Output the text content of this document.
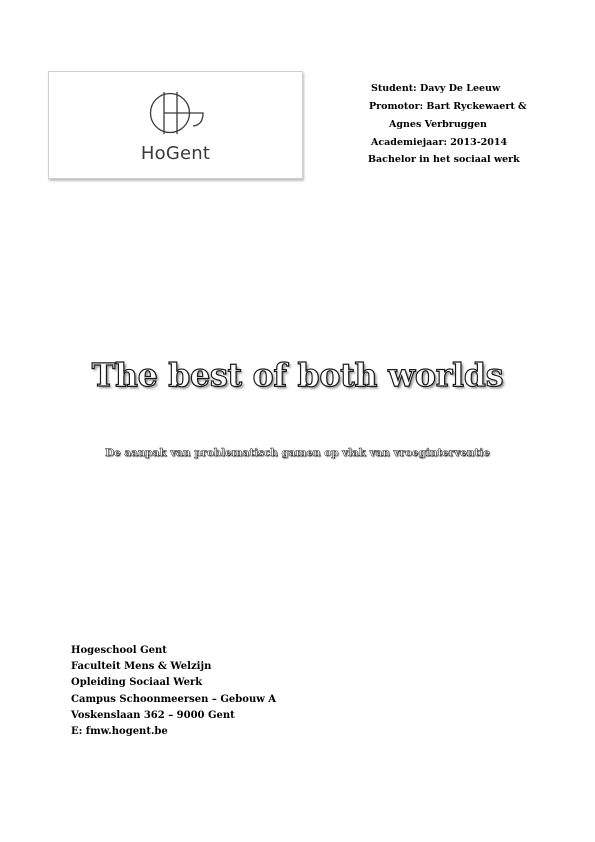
HoGent
Student: Davy De Leeuw
Promotor: Bart Ryckewaert &
Agnes Verbruggen
Academiejaar: 2013-2014
Bachelor in het sociaal werk
The best of both worlds
De aanpak van problematisch gamen op vlak van vroeginterventie
Hogeschool Gent
Faculteit Mens & Welzijn
Opleiding Sociaal Werk
Campus Schoonmeersen – Gebouw A
Voskenslaan 362 – 9000 Gent
E: fmw.hogent.be
